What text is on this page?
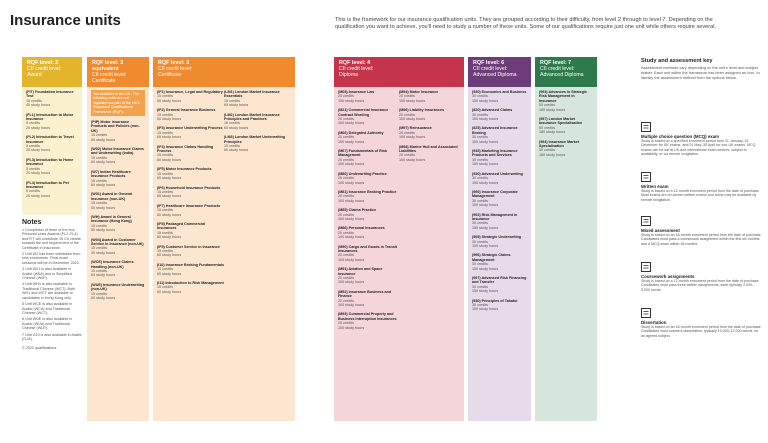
Insurance units	This is the framework for our insurance qualification units. They are grouped according to their difficulty, from level 2 through to level 7. Depending on the qualification you want to achieve, you'll need to study a number of these units. Some of our qualifications require just one unit while others require several.
RQF level: 2
CII credit level:
Award
(FIT) Foundation Insurance Test
10 credits
40 study hours
(FL1) Introduction to Motor Insurance
5 credits
20 study hours
(FL2) Introduction to Travel Insurance
5 credits
20 study hours
(FL3) Introduction to Home Insurance
5 credits
20 study hours
(FL4) Introduction to Pet Insurance
5 credits
20 study hours
Notes
1 Completion of three of the four Personal Lines Awards (FL1–FL4) and FIT will contribute 15 CII credits towards the unit requirement of the Certificate in Insurance.
2 Unit W2 has been withdrawn from new enrolments. Final exam sessions will be in December 2022.
3 Unit W01 is also available in Arabic (W0A) and in Simplified Chinese (W0F).
4 Unit WH4 is also available in Traditional Chinese (WCT). Both WH1 and WCT are available to candidates in Hong Kong only.
5 Unit WCE is also available in Arabic (WCA) and Traditional Chinese (WCT).
6 Unit WUE is also available in Arabic (WUA) and Traditional Chinese (WUT).
7 Unit G10 is also available in Arabic (G1A).
© 2022 qualifications
RQF level: 3 equivalent
CII credit level:
Certificate
Not available in the UK. The following units are not regulated as part of the UK's Regulated Qualifications Framework (RQF).
(PIP) Motor Insurance Products and Policies (non-UK)
15 credits
60 study hours
(W02) Motor Insurance Claims and Underwriting (India)
15 credits
60 study hours
(W7) Indian Healthcare Insurance Products
15 credits
60 study hours
(W01) Award in General Insurance (non-UK)
15 credits
50 study hours
(WH) Award in General Insurance (Hong Kong)
15 credits
50 study hours
(W04) Award in Customer Service in Insurance (non-UK)
15 credits
50 study hours
(WCE) Insurance Claims Handling (non-UK)
15 credits
60 study hours
(WUE) Insurance Underwriting (non-UK)
15 credits
60 study hours
RQF level: 3
CII credit level:
Certificate
(IF1) Insurance, Legal and Regulatory
15 credits
60 study hours
(IF2) General Insurance Business
15 credits
60 study hours
(IF3) Insurance Underwriting Process
15 credits
60 study hours
(IF4) Insurance Claims Handling Process
15 credits
60 study hours
(IF5) Motor Insurance Products
15 credits
60 study hours
(IF6) Household Insurance Products
15 credits
60 study hours
(IF7) Healthcare Insurance Products
15 credits
60 study hours
(IF8) Packaged Commercial Insurances
15 credits
60 study hours
(IF9) Customer Service in Insurance
15 credits
60 study hours
(I10) Insurance Broking Fundamentals
15 credits
60 study hours
(I11) Introduction to Risk Management
15 credits
60 study hours
(LM1) London Market Insurance Essentials
15 credits
60 study hours
(LM2) London Market Insurance Principles and Practices
15 credits
60 study hours
(LM3) London Market Underwriting Principles
15 credits
60 study hours
RQF level: 4
CII credit level:
Diploma
(M05) Insurance Law
25 credits
100 study hours
(M21) Commercial Insurance Contract Wording
20 credits
100 study hours
(M66) Delegated Authority
20 credits
100 study hours
(M67) Fundamentals of Risk Management
20 credits
100 study hours
(M80) Underwriting Practice
20 credits
100 study hours
(M81) Insurance Broking Practice
20 credits
100 study hours
(M85) Claims Practice
20 credits
100 study hours
(M86) Personal Insurances
20 credits
100 study hours
(M90) Cargo and Goods in Transit Insurances
20 credits
100 study hours
(M91) Aviation and Space Insurance
20 credits
100 study hours
(M92) Insurance Business and Finance
20 credits
100 study hours
(M93) Commercial Property and Business Interruption Insurances
20 credits
100 study hours
(M94) Motor Insurance
20 credits
100 study hours
(M96) Liability Insurances
20 credits
100 study hours
(M97) Reinsurance
20 credits
100 study hours
(M98) Marine Hull and Associated Liabilities
20 credits
100 study hours
RQF level: 6
CII credit level:
Advanced Diploma
(530) Economics and Business
30 credits
150 study hours
(820) Advanced Claims
30 credits
150 study hours
(825) Advanced Insurance Broking
30 credits
150 study hours
(945) Marketing Insurance Products and Services
30 credits
150 study hours
(930) Advanced Underwriting
30 credits
150 study hours
(990) Insurance Corporate Management
30 credits
150 study hours
(992) Risk Management in Insurance
30 credits
150 study hours
(995) Strategic Underwriting
30 credits
150 study hours
(996) Strategic Claims Management
30 credits
150 study hours
(997) Advanced Risk Financing and Transfer
30 credits
150 study hours
(530) Principles of Takaful
30 credits
150 study hours
RQF level: 7
CII credit level:
Advanced Diploma
(993) Advances in Strategic Risk Management in Insurance
50 credits
180 study hours
(997) London Market Insurance Specialisation
50 credits
180 study hours
(994) Insurance Market Specialisation
50 credits
180 study hours
Study and assessment key
Assessment methods vary depending on the unit's level and subject matter. Each unit within the framework has been assigned an icon, to identify the assessment method from the options below.
Multiple choice question (MCQ) exam
Study is based on a specified enrolment period from 31 January–31 December for UK exams, and 01 May–30 April for non-UK exams. MCQ exams can be sat at UK and international exam centres, subject to availability, or via remote invigilation.
Written exam
Study is based on a 12-month enrolment period from the date of purchase. Most exams are on-screen written exams and some may be available by remote invigilation.
Mixed assessment
Study is based on an 18-month enrolment period from the date of purchase. Candidates must pass a coursework assignment within the first six months and a MCQ exam within 18 months.
Coursework assignments
Study is based on a 12-month enrolment period from the date of purchase. Candidates must pass three written assignments, each typically 2,000–3,000 words.
Dissertation
Study is based on an 18-month enrolment period from the date of purchase. Candidates must submit a dissertation, typically 10,000–12,000 words, on an agreed subject.
